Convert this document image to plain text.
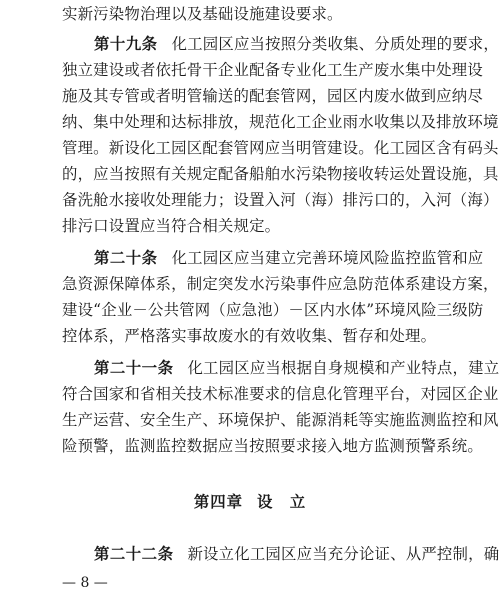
实新污染物治理以及基础设施建设要求。
第十九条 化工园区应当按照分类收集、分质处理的要求，
独立建设或者依托骨干企业配备专业化工生产废水集中处理设
施及其专管或者明管输送的配套管网，园区内废水做到应纳尽
纳、集中处理和达标排放，规范化工企业雨水收集以及排放环境
管理。新设化工园区配套管网应当明管建设。化工园区含有码头
的，应当按照有关规定配备船舶水污染物接收转运处置设施，具
备洗舱水接收处理能力；设置入河（海）排污口的，入河（海）
排污口设置应当符合相关规定。
第二十条 化工园区应当建立完善环境风险监控监管和应
急资源保障体系，制定突发水污染事件应急防范体系建设方案，
建设“企业－公共管网（应急池）－区内水体”环境风险三级防
控体系，严格落实事故废水的有效收集、暂存和处理。
第二十一条 化工园区应当根据自身规模和产业特点，建立
符合国家和省相关技术标准要求的信息化管理平台，对园区企业
生产运营、安全生产、环境保护、能源消耗等实施监测监控和风
险预警，监测监控数据应当按照要求接入地方监测预警系统。
第四章 设　立
第二十二条 新设立化工园区应当充分论证、从严控制，确
— 8 —
